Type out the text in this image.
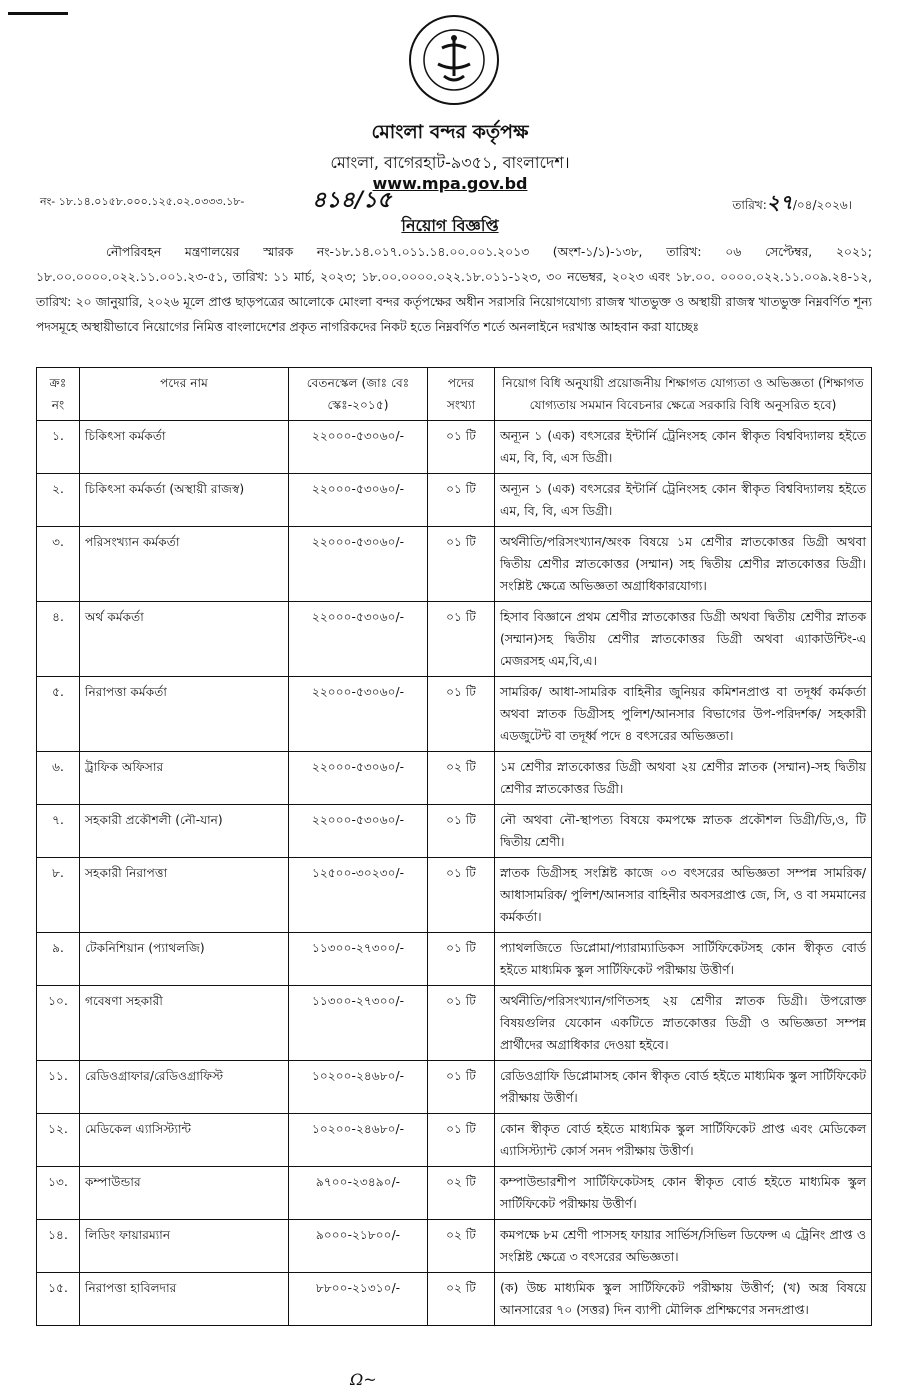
মোংলা বন্দর কর্তৃপক্ষ
মোংলা, বাগেরহাট-৯৩৫১, বাংলাদেশ।
www.mpa.gov.bd
নং- ১৮.১৪.০১৫৮.০০০.১২৫.০২.০৩৩৩.১৮-	৪১৪/১৫	তারিখ:২৭/০৪/২০২৬।
নিয়োগ বিজ্ঞপ্তি
নৌপরিবহন মন্ত্রণালয়ের স্মারক নং-১৮.১৪.০১৭.০১১.১৪.০০.০০১.২০১৩ (অংশ-১/১)-১৩৮, তারিখ: ০৬ সেপ্টেম্বর, ২০২১; ১৮.০০.০০০০.০২২.১১.০০১.২৩-৫১, তারিখ: ১১ মার্চ, ২০২৩; ১৮.০০.০০০০.০২২.১৮.০১১-১২৩, ৩০ নভেম্বর, ২০২৩ এবং ১৮.০০. ০০০০.০২২.১১.০০৯.২৪-১২, তারিখ: ২০ জানুয়ারি, ২০২৬ মূলে প্রাপ্ত ছাড়পত্রের আলোকে মোংলা বন্দর কর্তৃপক্ষের অধীন সরাসরি নিয়োগযোগ্য রাজস্ব খাতভুক্ত ও অস্থায়ী রাজস্ব খাতভুক্ত নিম্নবর্ণিত শূন্য পদসমূহে অস্থায়ীভাবে নিয়োগের নিমিত্ত বাংলাদেশের প্রকৃত নাগরিকদের নিকট হতে নিম্নবর্ণিত শর্তে অনলাইনে দরখাস্ত আহবান করা যাচ্ছেঃ
ক্রঃ নং	পদের নাম	বেতনস্কেল (জাঃ বেঃ স্কেঃ-২০১৫)	পদের সংখ্যা	নিয়োগ বিধি অনুযায়ী প্রয়োজনীয় শিক্ষাগত যোগ্যতা ও অভিজ্ঞতা (শিক্ষাগত যোগ্যতায় সমমান বিবেচনার ক্ষেত্রে সরকারি বিধি অনুসরিত হবে)
১.	চিকিৎসা কর্মকর্তা	২২০০০-৫৩০৬০/-	০১ টি	অন্যূন ১ (এক) বৎসরের ইন্টার্নি ট্রেনিংসহ কোন স্বীকৃত বিশ্ববিদ্যালয় হইতে এম, বি, বি, এস ডিগ্রী।
২.	চিকিৎসা কর্মকর্তা (অস্থায়ী রাজস্ব)	২২০০০-৫৩০৬০/-	০১ টি	অন্যূন ১ (এক) বৎসরের ইন্টার্নি ট্রেনিংসহ কোন স্বীকৃত বিশ্ববিদ্যালয় হইতে এম, বি, বি, এস ডিগ্রী।
৩.	পরিসংখ্যান কর্মকর্তা	২২০০০-৫৩০৬০/-	০১ টি	অর্থনীতি/পরিসংখ্যান/অংক বিষয়ে ১ম শ্রেণীর স্নাতকোত্তর ডিগ্রী অথবা দ্বিতীয় শ্রেণীর স্নাতকোত্তর (সম্মান) সহ দ্বিতীয় শ্রেণীর স্নাতকোত্তর ডিগ্রী। সংশ্লিষ্ট ক্ষেত্রে অভিজ্ঞতা অগ্রাধিকারযোগ্য।
৪.	অর্থ কর্মকর্তা	২২০০০-৫৩০৬০/-	০১ টি	হিসাব বিজ্ঞানে প্রথম শ্রেণীর স্নাতকোত্তর ডিগ্রী অথবা দ্বিতীয় শ্রেণীর স্নাতক (সম্মান)সহ দ্বিতীয় শ্রেণীর স্নাতকোত্তর ডিগ্রী অথবা এ্যাকাউন্টিং-এ মেজরসহ এম,বি,এ।
৫.	নিরাপত্তা কর্মকর্তা	২২০০০-৫৩০৬০/-	০১ টি	সামরিক/ আধা-সামরিক বাহিনীর জুনিয়র কমিশনপ্রাপ্ত বা তদূর্ধ্ব কর্মকর্তা অথবা স্নাতক ডিগ্রীসহ পুলিশ/আনসার বিভাগের উপ-পরিদর্শক/ সহকারী এডজুটেন্ট বা তদূর্ধ্ব পদে ৪ বৎসরের অভিজ্ঞতা।
৬.	ট্রাফিক অফিসার	২২০০০-৫৩০৬০/-	০২ টি	১ম শ্রেণীর স্নাতকোত্তর ডিগ্রী অথবা ২য় শ্রেণীর স্নাতক (সম্মান)-সহ দ্বিতীয় শ্রেণীর স্নাতকোত্তর ডিগ্রী।
৭.	সহকারী প্রকৌশলী (নৌ-যান)	২২০০০-৫৩০৬০/-	০১ টি	নৌ অথবা নৌ-স্থাপত্য বিষয়ে কমপক্ষে স্নাতক প্রকৌশল ডিগ্রী/ডি,ও, টি দ্বিতীয় শ্রেণী।
৮.	সহকারী নিরাপত্তা	১২৫০০-৩০২৩০/-	০১ টি	স্নাতক ডিগ্রীসহ সংশ্লিষ্ট কাজে ০৩ বৎসরের অভিজ্ঞতা সম্পন্ন সামরিক/আধাসামরিক/ পুলিশ/আনসার বাহিনীর অবসরপ্রাপ্ত জে, সি, ও বা সমমানের কর্মকর্তা।
৯.	টেকনিশিয়ান (প্যাথলজি)	১১৩০০-২৭৩০০/-	০১ টি	প্যাথলজিতে ডিপ্লোমা/প্যারাম্যাডিকস সার্টিফিকেটসহ কোন স্বীকৃত বোর্ড হইতে মাধ্যমিক স্কুল সার্টিফিকেট পরীক্ষায় উত্তীর্ণ।
১০.	গবেষণা সহকারী	১১৩০০-২৭৩০০/-	০১ টি	অর্থনীতি/পরিসংখ্যান/গণিতসহ ২য় শ্রেণীর স্নাতক ডিগ্রী। উপরোক্ত বিষয়গুলির যেকোন একটিতে স্নাতকোত্তর ডিগ্রী ও অভিজ্ঞতা সম্পন্ন প্রার্থীদের অগ্রাধিকার দেওয়া হইবে।
১১.	রেডিওগ্রাফার/রেডিওগ্রাফিস্ট	১০২০০-২৪৬৮০/-	০১ টি	রেডিওগ্রাফি ডিপ্লোমাসহ কোন স্বীকৃত বোর্ড হইতে মাধ্যমিক স্কুল সার্টিফিকেট পরীক্ষায় উত্তীর্ণ।
১২.	মেডিকেল এ্যাসিস্ট্যান্ট	১০২০০-২৪৬৮০/-	০১ টি	কোন স্বীকৃত বোর্ড হইতে মাধ্যমিক স্কুল সার্টিফিকেট প্রাপ্ত এবং মেডিকেল এ্যাসিস্ট্যান্ট কোর্স সনদ পরীক্ষায় উত্তীর্ণ।
১৩.	কম্পাউন্ডার	৯৭০০-২৩৪৯০/-	০২ টি	কম্পাউন্ডারশীপ সার্টিফিকেটসহ কোন স্বীকৃত বোর্ড হইতে মাধ্যমিক স্কুল সার্টিফিকেট পরীক্ষায় উত্তীর্ণ।
১৪.	লিডিং ফায়ারম্যান	৯০০০-২১৮০০/-	০২ টি	কমপক্ষে ৮ম শ্রেণী পাসসহ ফায়ার সার্ভিস/সিভিল ডিফেন্স এ ট্রেনিং প্রাপ্ত ও সংশ্লিষ্ট ক্ষেত্রে ৩ বৎসরের অভিজ্ঞতা।
১৫.	নিরাপত্তা হাবিলদার	৮৮০০-২১৩১০/-	০২ টি	(ক) উচ্চ মাধ্যমিক স্কুল সার্টিফিকেট পরীক্ষায় উত্তীর্ণ; (খ) অস্ত্র বিষয়ে আনসারের ৭০ (সত্তর) দিন ব্যাপী মৌলিক প্রশিক্ষণের সনদপ্রাপ্ত।
Ω~
